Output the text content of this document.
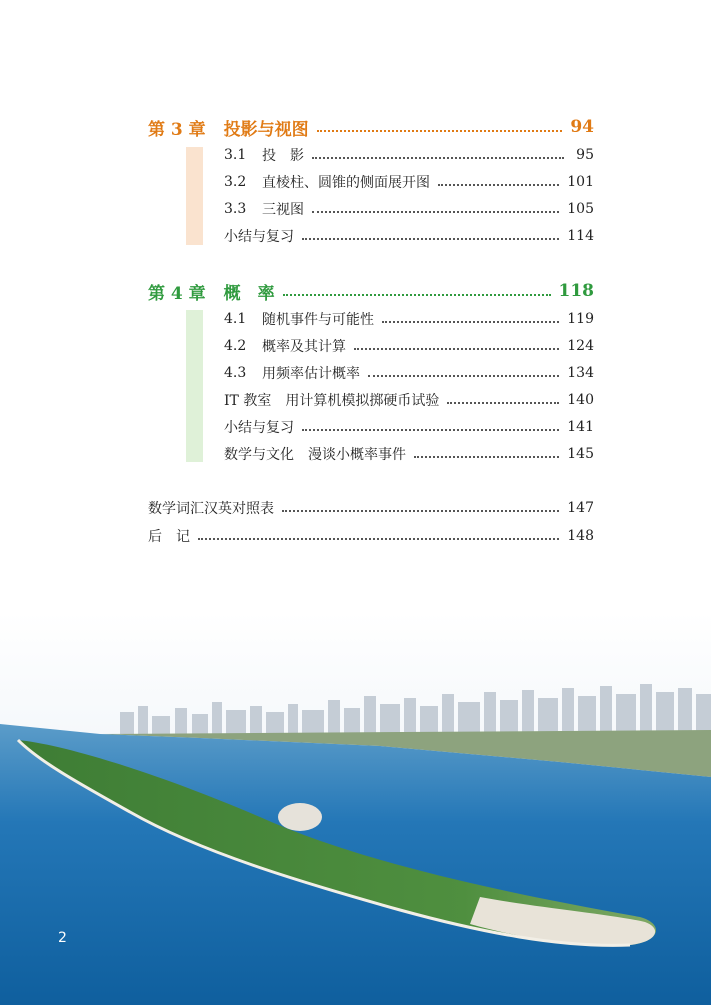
第 3 章 投影与视图	94
3.1	投　影	95
3.2	直棱柱、圆锥的侧面展开图	101
3.3	三视图	105
小结与复习	114
第 4 章 概　率	118
4.1	随机事件与可能性	119
4.2	概率及其计算	124
4.3	用频率估计概率	134
IT 教室　用计算机模拟掷硬币试验	140
小结与复习	141
数学与文化　漫谈小概率事件	145
数学词汇汉英对照表	147
后　记	148
2
